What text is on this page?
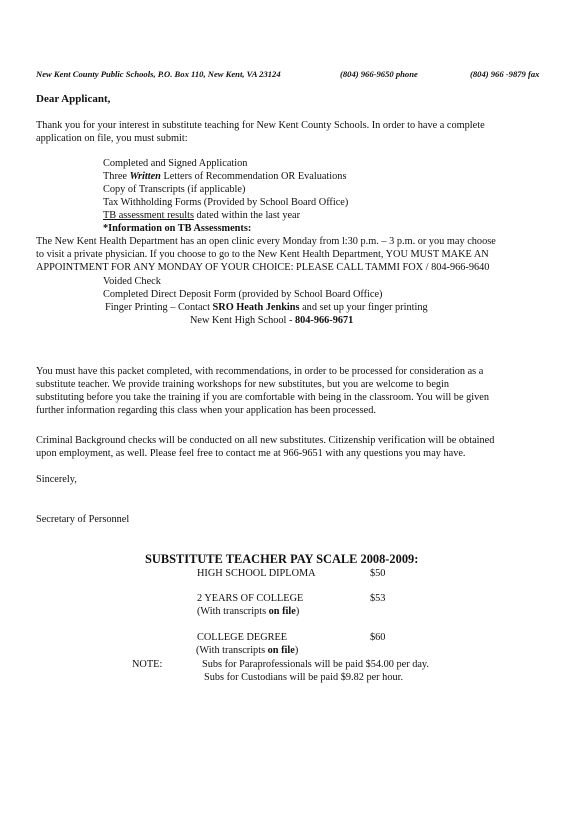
New Kent County Public Schools, P.O. Box 110, New Kent, VA 23124	(804) 966-9650 phone	(804) 966 -9879 fax
Dear Applicant,
Thank you for your interest in substitute teaching for New Kent County Schools. In order to have a complete
application on file, you must submit:
Completed and Signed Application
Three Written Letters of Recommendation OR Evaluations
Copy of Transcripts (if applicable)
Tax Withholding Forms (Provided by School Board Office)
TB assessment results dated within the last year
*Information on TB Assessments:
The New Kent Health Department has an open clinic every Monday from l:30 p.m. – 3 p.m. or you may choose
to visit a private physician. If you choose to go to the New Kent Health Department, YOU MUST MAKE AN
APPOINTMENT FOR ANY MONDAY OF YOUR CHOICE: PLEASE CALL TAMMI FOX / 804-966-9640
Voided Check
Completed Direct Deposit Form (provided by School Board Office)
Finger Printing – Contact SRO Heath Jenkins and set up your finger printing
New Kent High School - 804-966-9671
You must have this packet completed, with recommendations, in order to be processed for consideration as a
substitute teacher. We provide training workshops for new substitutes, but you are welcome to begin
substituting before you take the training if you are comfortable with being in the classroom. You will be given
further information regarding this class when your application has been processed.
Criminal Background checks will be conducted on all new substitutes. Citizenship verification will be obtained
upon employment, as well. Please feel free to contact me at 966-9651 with any questions you may have.
Sincerely,
Secretary of Personnel
SUBSTITUTE TEACHER PAY SCALE 2008-2009:
HIGH SCHOOL DIPLOMA	$50
2 YEARS OF COLLEGE	$53
(With transcripts on file)
COLLEGE DEGREE	$60
(With transcripts on file)
NOTE:	Subs for Paraprofessionals will be paid $54.00 per day.
Subs for Custodians will be paid $9.82 per hour.
